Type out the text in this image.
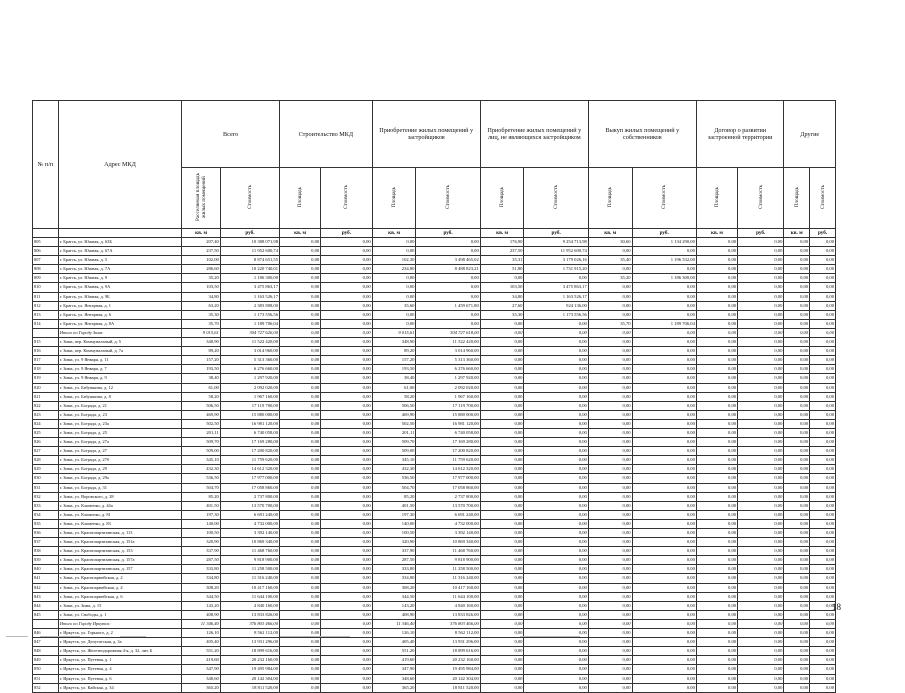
№ п/п	Адрес МКД	Всего		Строительство МКД		Приобретение жилых помещений у застройщиков		Приобретение жилых помещений у лиц, не являющихся застройщиком		Выкуп жилых помещений у собственников		Договор о развитии застроенной территории		Другие	
		Расселяемая площадь жилых помещений	Стоимость	Площадь	Стоимость	Площадь	Стоимость	Площадь	Стоимость	Площадь	Стоимость	Площадь	Стоимость	Площадь	Стоимость
		кв. м	руб.	кв. м	руб.	кв. м	руб.	кв. м	руб.	кв. м	руб.	кв. м	руб.	кв. м	руб.
805	г. Братск, ул. Южная, д. 63Б	207,40	10 388 071,98	0,00	0,00	0,00	0,00	176,90	9 254 713,98	30,60	1 134 290,00	0,00	0,00	0,00	0,00
806	г. Братск, ул. Южная, д. 67А	237,50	11 952 600,74	0,00	0,00	0,00	0,00	237,50	11 952 600,74	0,00	0,00	0,00	0,00	0,00	0,00
807	г. Братск, ул. Южная, д. 5	102,00	8 874 651,55	0,00	0,00	102,30	3 498 465,02	35,31	3 179 026,16	35,40	1 196 532,00	0,00	0,00	0,00	0,00
808	г. Братск, ул. Южная, д. 7А	286,60	10 220 740,01	0,00	0,00	234,80	8 488 823,21	51,80	1 731 915,20	0,00	0,00	0,00	0,00	0,00	0,00
809	г. Братск, ул. Южная, д. 9	35,20	1 186 300,00	0,00	0,00	0,00	0,00	0,00	0,00	35,20	1 186 300,00	0,00	0,00	0,00	0,00
810	г. Братск, ул. Южная, д. 9А	103,50	3 475 863,17	0,00	0,00	0,00	0,00	103,50	3 475 863,17	0,00	0,00	0,00	0,00	0,00	0,00
811	г. Братск, ул. Южная, д. 9Б	34,80	1 163 526,17	0,00	0,00	0,00	0,00	34,80	1 163 526,17	0,00	0,00	0,00	0,00	0,00	0,00
812	г. Братск, ул. Янтарная, д. 1	63,20	2 383 808,00	0,00	0,00	35,60	1 459 671,80	27,60	924 136,00	0,00	0,00	0,00	0,00	0,00	0,00
813	г. Братск, ул. Янтарная, д. 6	35,30	1 173 556,56	0,00	0,00	0,00	0,00	35,30	1 173 556,56	0,00	0,00	0,00	0,00	0,00	0,00
814	г. Братск, ул. Янтарная, д. 8А	35,70	1 189 706,04	0,00	0,00	0,00	0,00	0,00	0,00	35,70	1 189 706,04	0,00	0,00	0,00	0,00
	Итого по Городу Зима:	9 015,61	304 727 626,00	0,00	0,00	9 015,61	304 727 618,00	0,00	0,00	0,00	0,00	0,00	0,00	0,00	0,00
815	г. Зима, пер. Коммунальный, д. 5	348,90	11 522 420,00	0,00	0,00	348,90	11 522 420,00	0,00	0,00	0,00	0,00	0,00	0,00	0,00	0,00
816	г. Зима, пер. Коммунальный, д. 7а	89,20	3 014 960,00	0,00	0,00	89,20	3 014 960,00	0,00	0,00	0,00	0,00	0,00	0,00	0,00	0,00
817	г. Зима, ул. 9 Января, д. 11	157,20	5 313 360,00	0,00	0,00	157,20	5 313 360,00	0,00	0,00	0,00	0,00	0,00	0,00	0,00	0,00
818	г. Зима, ул. 9 Января, д. 7	193,50	6 276 660,00	0,00	0,00	193,50	6 276 660,00	0,00	0,00	0,00	0,00	0,00	0,00	0,00	0,00
819	г. Зима, ул. 9 Января, д. 9	38,40	1 297 920,00	0,00	0,00	38,40	1 297 920,00	0,00	0,00	0,00	0,00	0,00	0,00	0,00	0,00
820	г. Зима, ул. Бабушкина, д. 12	61,00	2 092 020,00	0,00	0,00	61,00	2 092 020,00	0,00	0,00	0,00	0,00	0,00	0,00	0,00	0,00
821	г. Зима, ул. Бабушкина, д. 8	58,20	1 967 160,00	0,00	0,00	58,20	1 967 160,00	0,00	0,00	0,00	0,00	0,00	0,00	0,00	0,00
822	г. Зима, ул. Бограда, д. 21	506,50	17 119 700,00	0,00	0,00	506,50	17 119 700,00	0,00	0,00	0,00	0,00	0,00	0,00	0,00	0,00
823	г. Зима, ул. Бограда, д. 23	469,90	15 880 000,00	0,00	0,00	469,90	15 880 000,00	0,00	0,00	0,00	0,00	0,00	0,00	0,00	0,00
824	г. Зима, ул. Бограда, д. 23а	502,50	16 981 120,00	0,00	0,00	502,50	16 981 120,00	0,00	0,00	0,00	0,00	0,00	0,00	0,00	0,00
825	г. Зима, ул. Бограда, д. 25	201,11	6 740 058,00	0,00	0,00	201,11	6 740 058,00	0,00	0,00	0,00	0,00	0,00	0,00	0,00	0,00
826	г. Зима, ул. Бограда, д. 27а	509,70	17 169 280,00	0,00	0,00	509,70	17 169 280,00	0,00	0,00	0,00	0,00	0,00	0,00	0,00	0,00
827	г. Зима, ул. Бограда, д. 27	509,00	17 200 820,00	0,00	0,00	509,00	17 200 820,00	0,00	0,00	0,00	0,00	0,00	0,00	0,00	0,00
828	г. Зима, ул. Бограда, д. 27б	345,10	11 759 620,00	0,00	0,00	345,10	11 759 620,00	0,00	0,00	0,00	0,00	0,00	0,00	0,00	0,00
829	г. Зима, ул. Бограда, д. 29	432,30	14 612 320,00	0,00	0,00	432,30	14 612 320,00	0,00	0,00	0,00	0,00	0,00	0,00	0,00	0,00
830	г. Зима, ул. Бограда, д. 29а	536,50	17 977 000,00	0,00	0,00	536,50	17 977 000,00	0,00	0,00	0,00	0,00	0,00	0,00	0,00	0,00
831	г. Зима, ул. Бограда, д. 31	504,70	17 058 860,00	0,00	0,00	504,70	17 058 860,00	0,00	0,00	0,00	0,00	0,00	0,00	0,00	0,00
832	г. Зима, ул. Воровского, д. 28	85,20	2 737 800,00	0,00	0,00	85,20	2 737 800,00	0,00	0,00	0,00	0,00	0,00	0,00	0,00	0,00
833	г. Зима, ул. Клименко, д. 44а	401,50	13 570 700,00	0,00	0,00	401,50	13 570 700,00	0,00	0,00	0,00	0,00	0,00	0,00	0,00	0,00
834	г. Зима, ул. Клименко, д. 81	197,30	6 691 240,00	0,00	0,00	197,30	6 691 240,00	0,00	0,00	0,00	0,00	0,00	0,00	0,00	0,00
835	г. Зима, ул. Клименко, д. 83	140,00	4 732 000,00	0,00	0,00	140,00	4 732 000,00	0,00	0,00	0,00	0,00	0,00	0,00	0,00	0,00
836	г. Зима, ул. Краснопартизанская, д. 113	100,50	3 392 140,00	0,00	0,00	100,50	3 392 140,00	0,00	0,00	0,00	0,00	0,00	0,00	0,00	0,00
837	г. Зима, ул. Краснопартизанская, д. 151а	320,90	10 869 340,00	0,00	0,00	320,90	10 869 340,00	0,00	0,00	0,00	0,00	0,00	0,00	0,00	0,00
838	г. Зима, ул. Краснопартизанская, д. 153	337,90	11 468 760,00	0,00	0,00	337,90	11 468 760,00	0,00	0,00	0,00	0,00	0,00	0,00	0,00	0,00
839	г. Зима, ул. Краснопартизанская, д. 157а	287,50	9 818 900,00	0,00	0,00	287,50	9 818 900,00	0,00	0,00	0,00	0,00	0,00	0,00	0,00	0,00
840	г. Зима, ул. Краснопартизанская, д. 157	333,80	11 258 500,00	0,00	0,00	333,80	11 258 500,00	0,00	0,00	0,00	0,00	0,00	0,00	0,00	0,00
841	г. Зима, ул. Красноармейская, д. 2	334,80	11 316 240,00	0,00	0,00	334,80	11 316 240,00	0,00	0,00	0,00	0,00	0,00	0,00	0,00	0,00
842	г. Зима, ул. Красноармейская, д. 4	308,20	10 417 160,00	0,00	0,00	308,20	10 417 160,00	0,00	0,00	0,00	0,00	0,00	0,00	0,00	0,00
843	г. Зима, ул. Красноармейская, д. 6	344,50	11 644 100,00	0,00	0,00	344,50	11 644 100,00	0,00	0,00	0,00	0,00	0,00	0,00	0,00	0,00
844	г. Зима, ул. Зима, д. 15	143,20	4 840 160,00	0,00	0,00	143,20	4 840 160,00	0,00	0,00	0,00	0,00	0,00	0,00	0,00	0,00
845	г. Зима, ул. Свободы, д. 1	408,90	13 833 826,00	0,00	0,00	408,90	13 833 826,00	0,00	0,00	0,00	0,00	0,00	0,00	0,00	0,00
	Итого по Городу Иркутск:	11 346,40	376 803 466,00	0,00	0,00	11 346,40	376 803 466,00	0,00	0,00	0,00	0,00	0,00	0,00	0,00	0,00
846	г. Иркутск, ул. Горького, д. 2	126,10	8 562 112,00	0,00	0,00	126,10	8 562 112,00	0,00	0,00	0,00	0,00	0,00	0,00	0,00	0,00
847	г. Иркутск, ул. Депутатская, д. 3а	405,40	13 931 296,00	0,00	0,00	405,40	13 931 296,00	0,00	0,00	0,00	0,00	0,00	0,00	0,00	0,00
848	г. Иркутск, ул. Железнодорожная 4-я, д. 32, лит. Б	551,20	18 899 616,00	0,00	0,00	551,20	18 899 616,00	0,00	0,00	0,00	0,00	0,00	0,00	0,00	0,00
849	г. Иркутск, ул. Путевая, д. 1	419,60	20 232 160,00	0,00	0,00	419,60	20 232 160,00	0,00	0,00	0,00	0,00	0,00	0,00	0,00	0,00
850	г. Иркутск, ул. Путевая, д. 4	347,90	19 495 984,00	0,00	0,00	347,90	19 495 984,00	0,00	0,00	0,00	0,00	0,00	0,00	0,00	0,00
851	г. Иркутск, ул. Путевая, д. 6	348,60	20 142 304,00	0,00	0,00	348,60	20 142 304,00	0,00	0,00	0,00	0,00	0,00	0,00	0,00	0,00
852	г. Иркутск, ул. Кайская, д. 34	365,20	18 811 520,00	0,00	0,00	365,20	18 811 520,00	0,00	0,00	0,00	0,00	0,00	0,00	0,00	0,00
18
